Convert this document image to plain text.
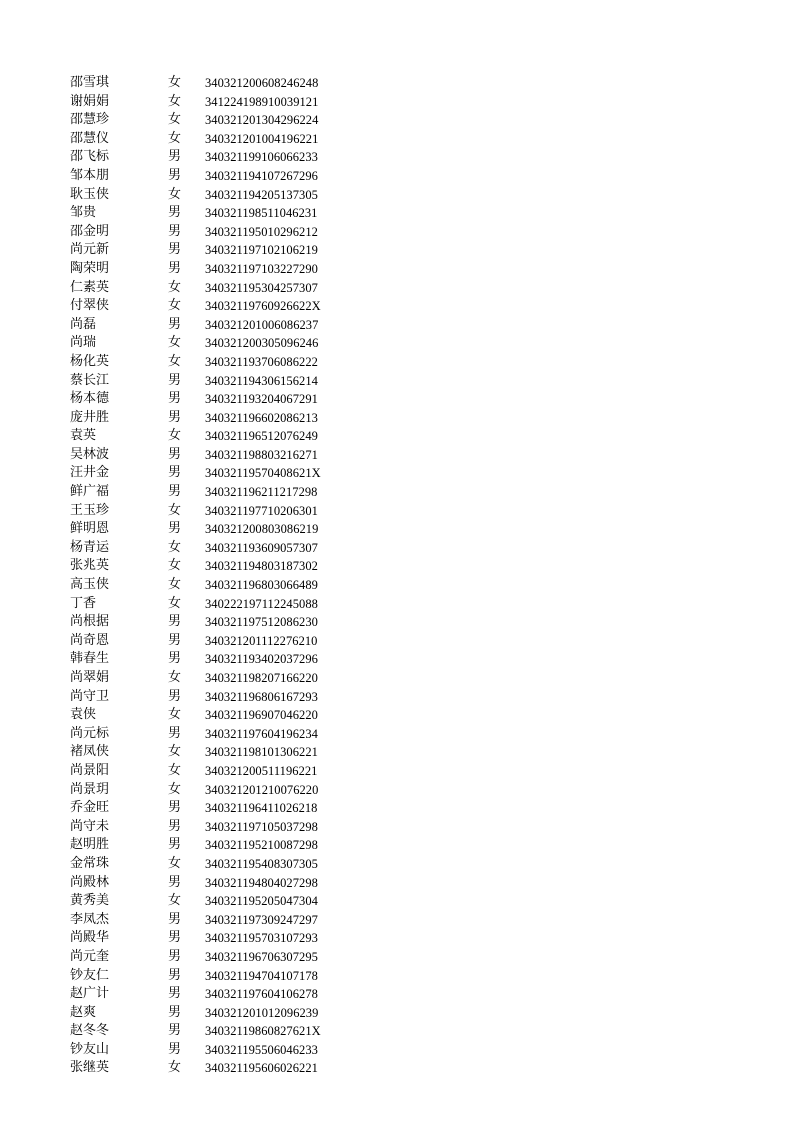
邵雪琪	女 340321200608246248
谢娟娟	女 341224198910039121
邵慧珍	女 340321201304296224
邵慧仪	女 340321201004196221
邵飞标	男 340321199106066233
邹本朋	男 340321194107267296
耿玉侠	女 340321194205137305
邹贵	男 340321198511046231
邵金明	男 340321195010296212
尚元新	男 340321197102106219
陶荣明	男 340321197103227290
仁素英	女 340321195304257307
付翠侠	女 34032119760926622X
尚磊	男 340321201006086237
尚瑞	女 340321200305096246
杨化英	女 340321193706086222
蔡长江	男 340321194306156214
杨本德	男 340321193204067291
庞井胜	男 340321196602086213
袁英	女 340321196512076249
吴林波	男 340321198803216271
汪井金	男 34032119570408621X
鲜广福	男 340321196211217298
王玉珍	女 340321197710206301
鲜明恩	男 340321200803086219
杨青运	女 340321193609057307
张兆英	女 340321194803187302
高玉侠	女 340321196803066489
丁香	女 340222197112245088
尚根据	男 340321197512086230
尚奇恩	男 340321201112276210
韩春生	男 340321193402037296
尚翠娟	女 340321198207166220
尚守卫	男 340321196806167293
袁侠	女 340321196907046220
尚元标	男 340321197604196234
褚凤侠	女 340321198101306221
尚景阳	女 340321200511196221
尚景玥	女 340321201210076220
乔金旺	男 340321196411026218
尚守未	男 340321197105037298
赵明胜	男 340321195210087298
金常珠	女 340321195408307305
尚殿林	男 340321194804027298
黄秀美	女 340321195205047304
李凤杰	男 340321197309247297
尚殿华	男 340321195703107293
尚元奎	男 340321196706307295
钞友仁	男 340321194704107178
赵广计	男 340321197604106278
赵爽	男 340321201012096239
赵冬冬	男 34032119860827621X
钞友山	男 340321195506046233
张继英	女 340321195606026221
